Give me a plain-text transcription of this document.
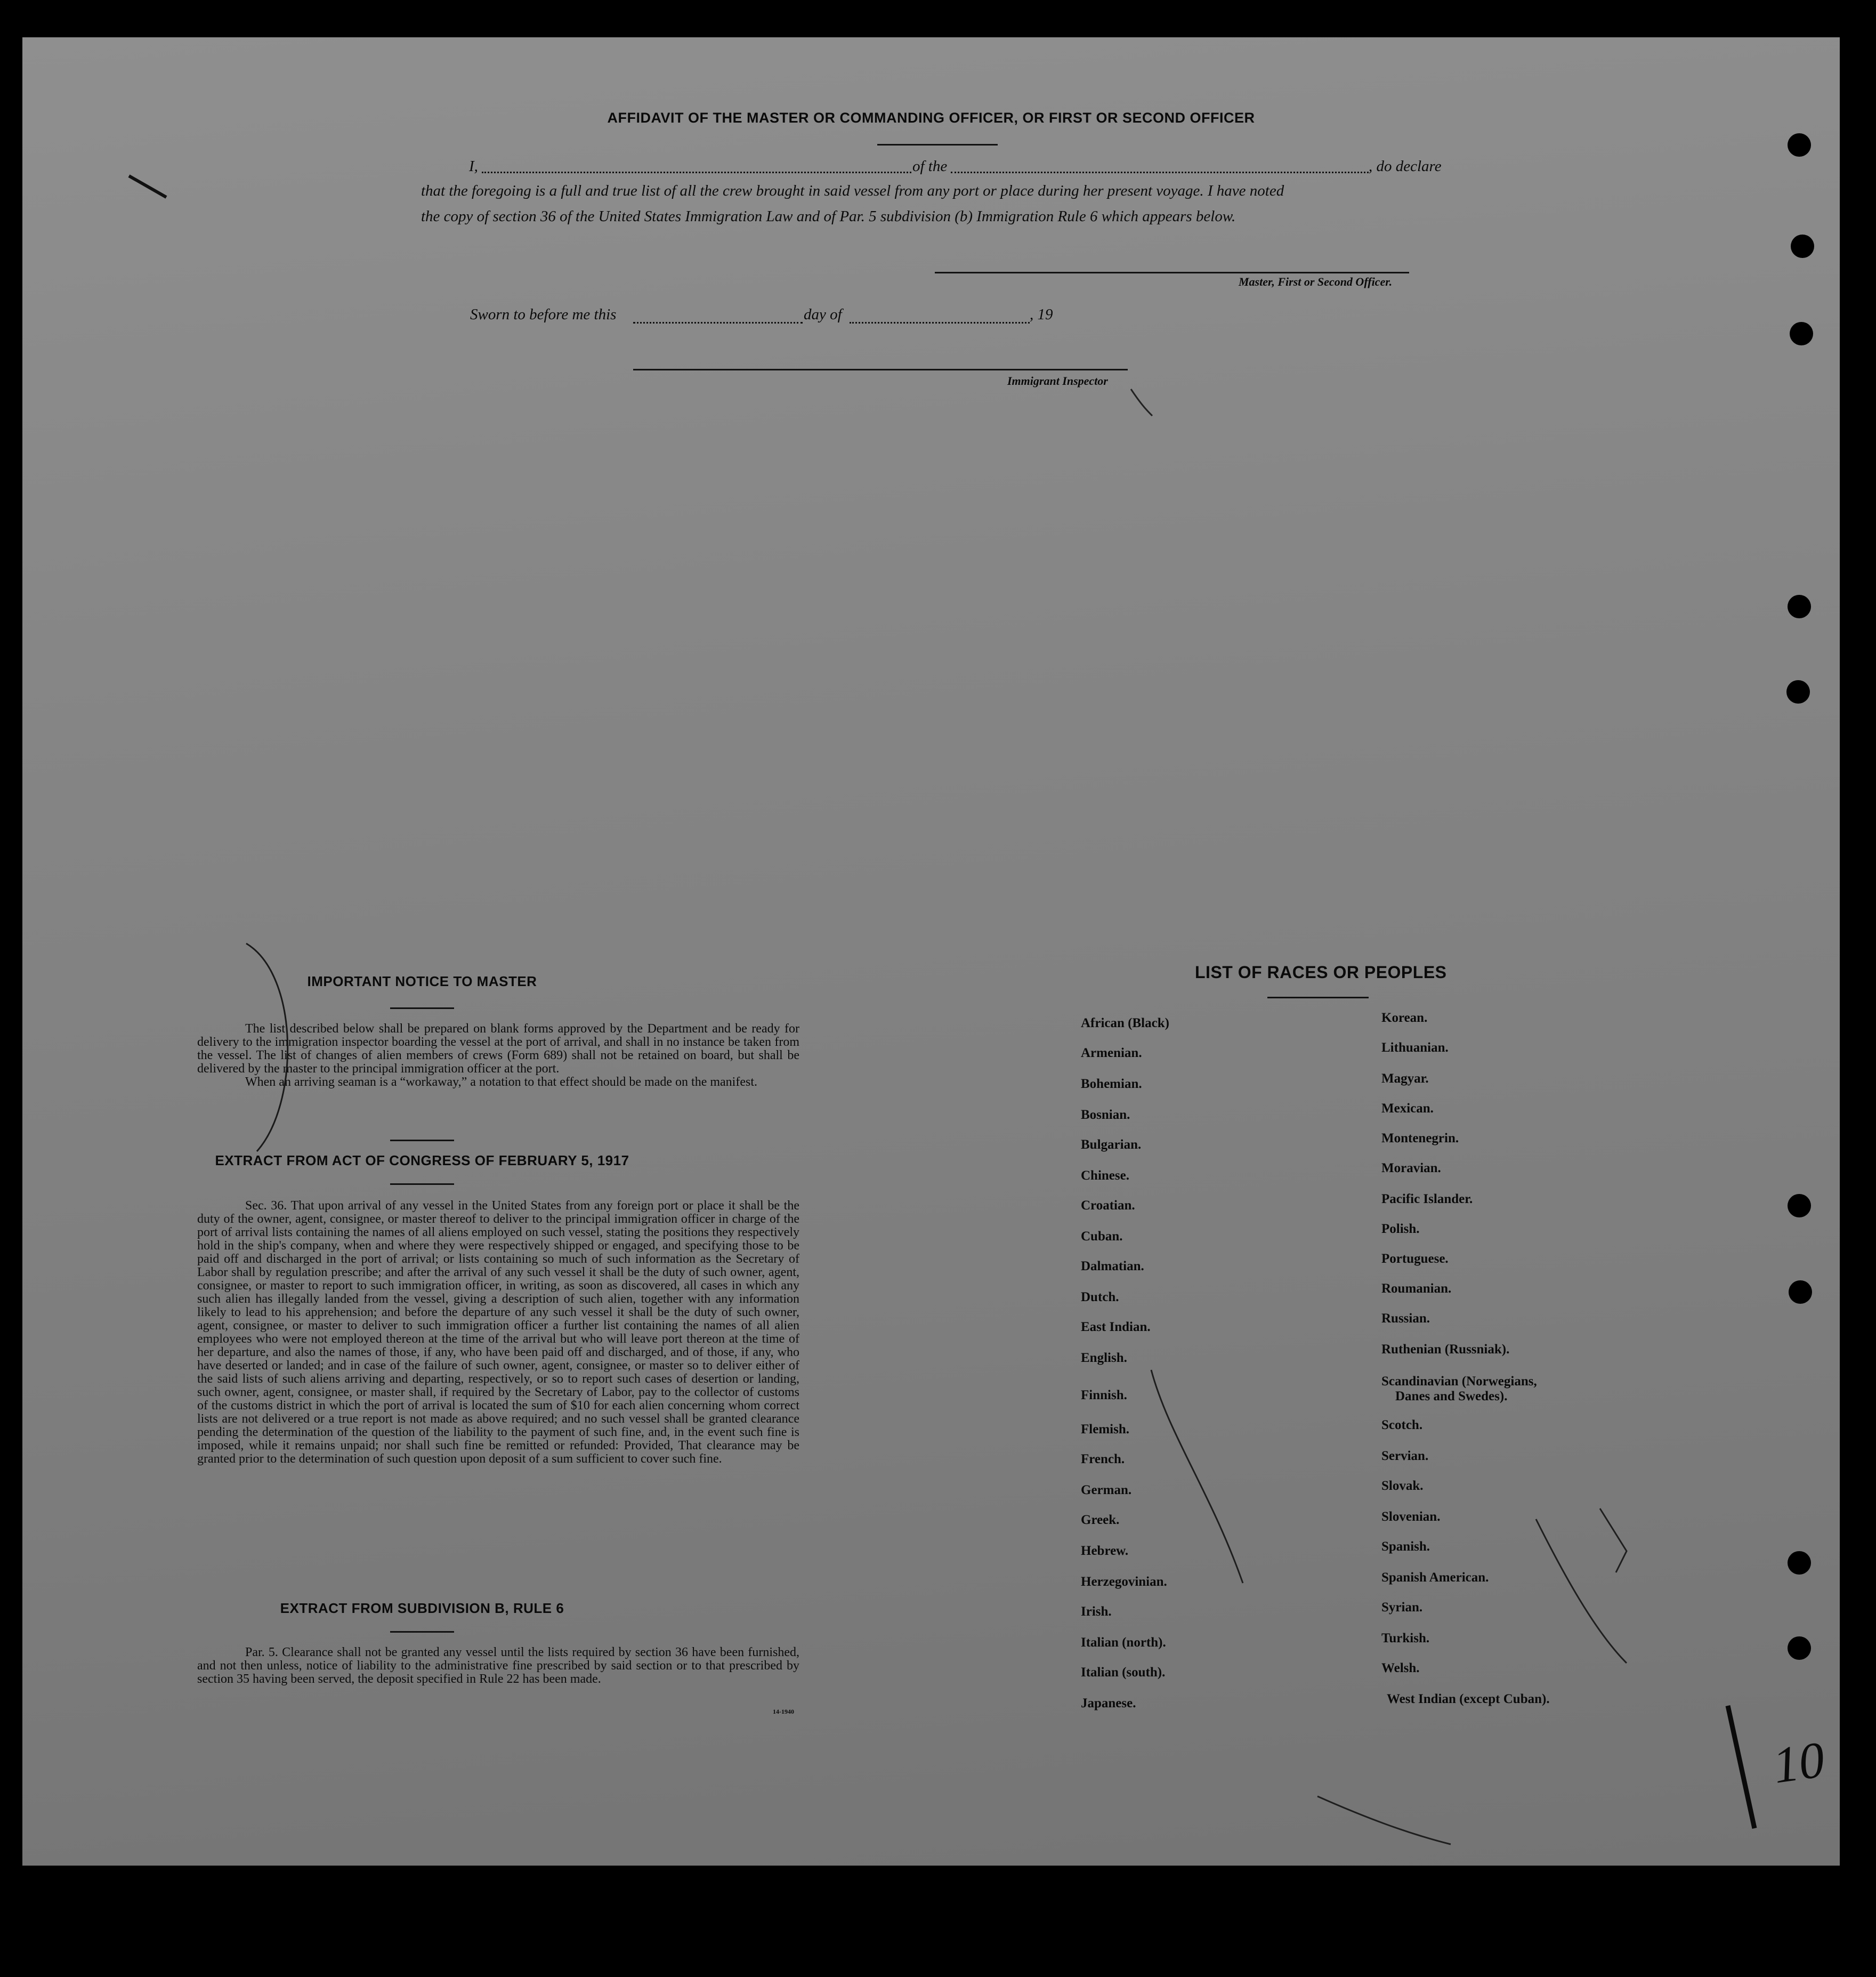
AFFIDAVIT OF THE MASTER OR COMMANDING OFFICER, OR FIRST OR SECOND OFFICER
I,	of the	, do declare
that the foregoing is a full and true list of all the crew brought in said vessel from any port or place during her present voyage. I have noted
the copy of section 36 of the United States Immigration Law and of Par. 5 subdivision (b) Immigration Rule 6 which appears below.
Master, First or Second Officer.
Sworn to before me this	day of	, 19
Immigrant Inspector
IMPORTANT NOTICE TO MASTER

The list described below shall be prepared on blank forms approved by the Department and be ready for delivery to the immigration inspector boarding the vessel at the port of arrival, and shall in no instance be taken from the vessel. The list of changes of alien members of crews (Form 689) shall not be retained on board, but shall be delivered by the master to the principal immigration officer at the port.

When an arriving seaman is a “workaway,” a notation to that effect should be made on the manifest.

EXTRACT FROM ACT OF CONGRESS OF FEBRUARY 5, 1917

Sec. 36. That upon arrival of any vessel in the United States from any foreign port or place it shall be the duty of the owner, agent, consignee, or master thereof to deliver to the principal immigration officer in charge of the port of arrival lists containing the names of all aliens employed on such vessel, stating the positions they respectively hold in the ship's company, when and where they were respectively shipped or engaged, and specifying those to be paid off and discharged in the port of arrival; or lists containing so much of such information as the Secretary of Labor shall by regulation prescribe; and after the arrival of any such vessel it shall be the duty of such owner, agent, consignee, or master to report to such immigration officer, in writing, as soon as discovered, all cases in which any such alien has illegally landed from the vessel, giving a description of such alien, together with any information likely to lead to his apprehension; and before the departure of any such vessel it shall be the duty of such owner, agent, consignee, or master to deliver to such immigration officer a further list containing the names of all alien employees who were not employed thereon at the time of the arrival but who will leave port thereon at the time of her departure, and also the names of those, if any, who have been paid off and discharged, and of those, if any, who have deserted or landed; and in case of the failure of such owner, agent, consignee, or master so to deliver either of the said lists of such aliens arriving and departing, respectively, or so to report such cases of desertion or landing, such owner, agent, consignee, or master shall, if required by the Secretary of Labor, pay to the collector of customs of the customs district in which the port of arrival is located the sum of $10 for each alien concerning whom correct lists are not delivered or a true report is not made as above required; and no such vessel shall be granted clearance pending the determination of the question of the liability to the payment of such fine, and, in the event such fine is imposed, while it remains unpaid; nor shall such fine be remitted or refunded: Provided, That clearance may be granted prior to the determination of such question upon deposit of a sum sufficient to cover such fine.

EXTRACT FROM SUBDIVISION B, RULE 6

Par. 5. Clearance shall not be granted any vessel until the lists required by section 36 have been furnished, and not then unless, notice of liability to the administrative fine prescribed by said section or to that prescribed by section 35 having been served, the deposit specified in Rule 22 has been made.

14-1940
LIST OF RACES OR PEOPLES
African (Black)
Armenian.
Bohemian.
Bosnian.
Bulgarian.
Chinese.
Croatian.
Cuban.
Dalmatian.
Dutch.
East Indian.
English.
Finnish.
Flemish.
French.
German.
Greek.
Hebrew.
Herzegovinian.
Irish.
Italian (north).
Italian (south).
Japanese.
Korean.
Lithuanian.
Magyar.
Mexican.
Montenegrin.
Moravian.
Pacific Islander.
Polish.
Portuguese.
Roumanian.
Russian.
Ruthenian (Russniak).
Scandinavian (Norwegians,
Danes and Swedes).
Scotch.
Servian.
Slovak.
Slovenian.
Spanish.
Spanish American.
Syrian.
Turkish.
Welsh.
West Indian (except Cuban).
10
